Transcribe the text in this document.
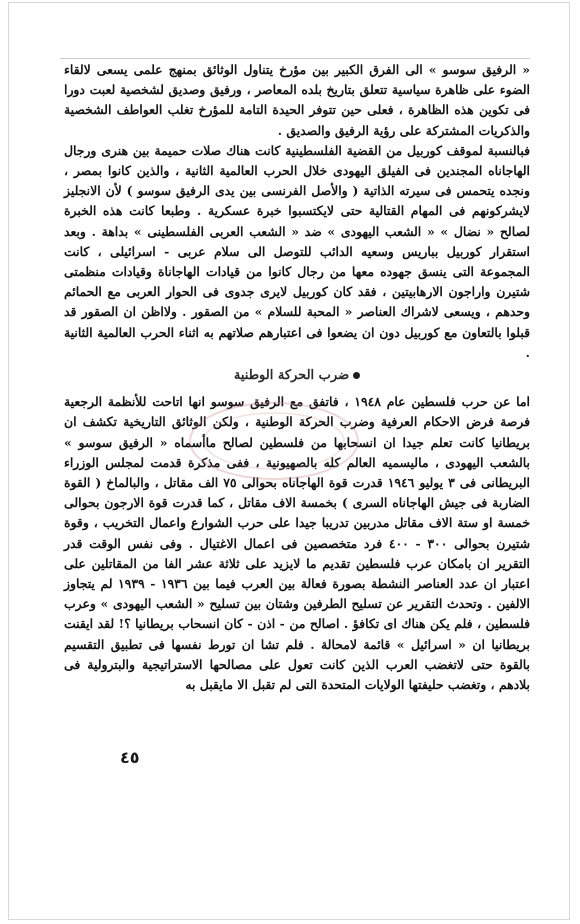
« الرفيق سوسو » الى الفرق الكبير بين مؤرخ يتناول الوثائق بمنهج علمى يسعى لالقاء الضوء على ظاهرة سياسية تتعلق بتاريخ بلده المعاصر ، ورفيق وصديق لشخصية لعبت دورا فى تكوين هذه الظاهرة ، فعلى حين تتوفر الحيدة التامة للمؤرخ تغلب العواطف الشخصية والذكريات المشتركة على رؤية الرفيق والصديق .

فبالنسبة لموقف كوربيل من القضية الفلسطينية كانت هناك صلات حميمة بين هنرى ورجال الهاجاناه المجندين فى الفيلق اليهودى خلال الحرب العالمية الثانية ، والذين كانوا بمصر ، ونجده يتحمس فى سيرته الذاتية ( والأصل الفرنسى بين يدى الرفيق سوسو ) لأن الانجليز لايشركونهم فى المهام القتالية حتى لايكتسبوا خبرة عسكرية . وطبعا كانت هذه الخبرة لصالح « نضال » « الشعب اليهودى » ضد « الشعب العربى الفلسطينى » بداهة . وبعد استقرار كوربيل بباريس وسعيه الدائب للتوصل الى سلام عربى - اسرائيلى ، كانت المجموعة التى ينسق جهوده معها من رجال كانوا من قيادات الهاجاناة وقيادات منظمتى شتيرن واراجون الارهابيتين ، فقد كان كوربيل لايرى جدوى فى الحوار العربى مع الحمائم وحدهم ، ويسعى لاشراك العناصر « المحبة للسلام » من الصقور . ولااظن ان الصقور قد قبلوا بالتعاون مع كوربيل دون ان يضعوا فى اعتبارهم صلاتهم به اثناء الحرب العالمية الثانية .

ضرب الحركة الوطنية

اما عن حرب فلسطين عام ١٩٤٨ ، فاتفق مع الرفيق سوسو انها اتاحت للأنظمة الرجعية فرصة فرض الاحكام العرفية وضرب الحركة الوطنية ، ولكن الوثائق التاريخية تكشف ان بريطانيا كانت تعلم جيدا ان انسحابها من فلسطين لصالح ماأسماه « الرفيق سوسو » بالشعب اليهودى ، ماليسميه العالم كله بالصهيونية ، ففى مذكرة قدمت لمجلس الوزراء البريطانى فى ٣ يوليو ١٩٤٦ قدرت قوة الهاجاناه بحوالى ٧٥ الف مقاتل ، والبالماخ ( القوة الضاربة فى جيش الهاجاناه السرى ) بخمسة الاف مقاتل ، كما قدرت قوة الارجون بحوالى خمسة او ستة الاف مقاتل مدربين تدريبا جيدا على حرب الشوارع واعمال التخريب ، وقوة شتيرن بحوالى ٣٠٠ - ٤٠٠ فرد متخصصين فى اعمال الاغتيال . وفى نفس الوقت قدر التقرير ان بامكان عرب فلسطين تقديم ما لايزيد على ثلاثة عشر الفا من المقاتلين على اعتبار ان عدد العناصر النشطة بصورة فعالة بين العرب فيما بين ١٩٣٦ - ١٩٣٩ لم يتجاوز الالفين . وتحدث التقرير عن تسليح الطرفين وشتان بين تسليح « الشعب اليهودى » وعرب فلسطين ، فلم يكن هناك اى تكافؤ . اصالح من - اذن - كان انسحاب بريطانيا ؟! لقد ايقنت بريطانيا ان « اسرائيل » قائمة لامحالة . فلم تشا ان تورط نفسها فى تطبيق التقسيم بالقوة حتى لاتغضب العرب الذين كانت تعول على مصالحها الاستراتيجية والبترولية فى بلادهم ، وتغضب حليفتها الولايات المتحدة التى لم تقبل الا مايقبل به

٤٥
